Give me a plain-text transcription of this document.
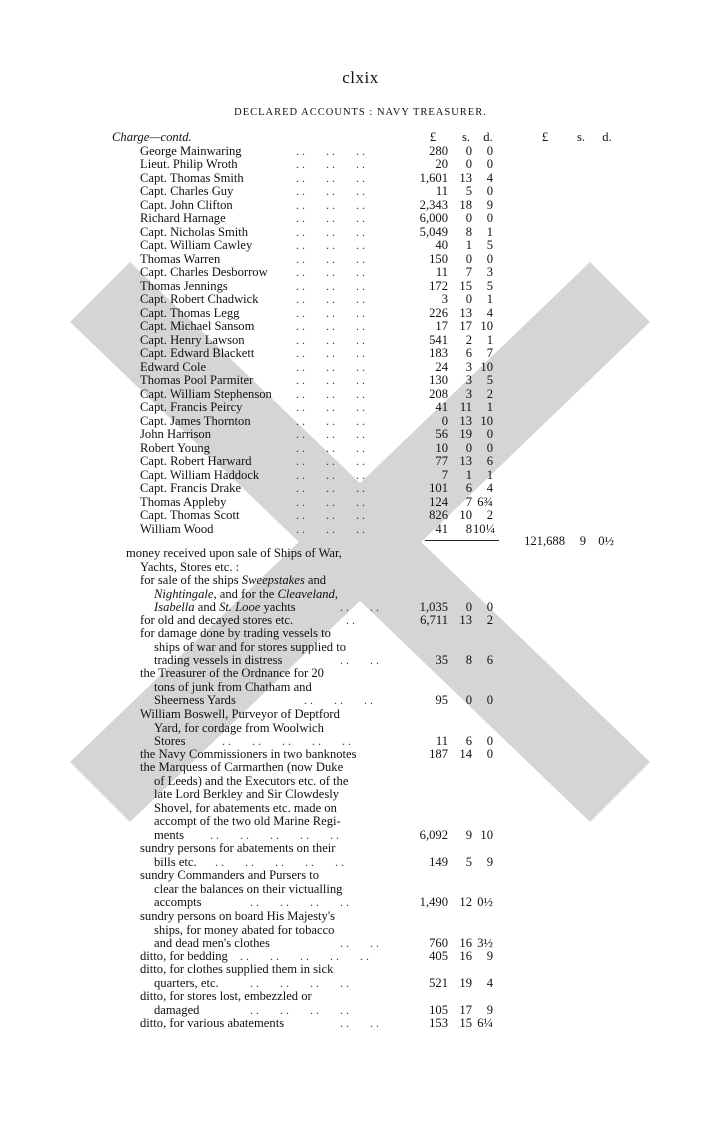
clxix
DECLARED ACCOUNTS : NAVY TREASURER.
Charge—contd.	£	s.	d.	£	s.	d.
George Mainwaring	. .       . .       . .	280	0	0
Lieut. Philip Wroth	. .       . .       . .	20	0	0
Capt. Thomas Smith	. .       . .       . .	1,601 13	4
Capt. Charles Guy	. .       . .       . .	11	5	0
Capt. John Clifton	. .       . .       . .	2,343 18	9
Richard Harnage	. .       . .       . .	6,000	0	0
Capt. Nicholas Smith	. .       . .       . .	5,049	8	1
Capt. William Cawley	. .       . .       . .	40	1	5
Thomas Warren	. .       . .       . .	150	0	0
Capt. Charles Desborrow . .       . .       . .	11	7	3
Thomas Jennings	. .       . .       . .	172 15	5
Capt. Robert Chadwick	. .       . .       . .	3	0	1
Capt. Thomas Legg	. .       . .       . .	226 13	4
Capt. Michael Sansom	. .       . .       . .	17 17 10
Capt. Henry Lawson	. .       . .       . .	541	2	1
Capt. Edward Blackett	. .       . .       . .	183	6	7
Edward Cole	. .       . .       . .	24	3 10
Thomas Pool Parmiter	. .       . .       . .	130	3	5
Capt. William Stephenson . .       . .       . .	208	3	2
Capt. Francis Peircy	. .       . .       . .	41 11	1
Capt. James Thornton	. .       . .       . .	0 13 10
John Harrison	. .       . .       . .	56 19	0
Robert Young	. .       . .       . .	10	0	0
Capt. Robert Harward	. .       . .       . .	77 13	6
Capt. William Haddock	. .       . .       . .	7	1	1
Capt. Francis Drake	. .       . .       . .	101	6	4
Thomas Appleby	. .       . .       . .	124	7 6¾
Capt. Thomas Scott	. .       . .       . .	826 10	2
William Wood	. .       . .       . .	41	8 10¼
121,688	9 0½
money received upon sale of Ships of War,
Yachts, Stores etc. :
for sale of the ships Sweepstakes and
Nightingale, and for the Cleaveland,
Isabella and St. Looe yachts	. .       . .	1,035	0	0
for old and decayed stores etc.	. .	6,711 13	2
for damage done by trading vessels to
ships of war and for stores supplied to
trading vessels in distress	. .       . .	35	8	6
the Treasurer of the Ordnance for 20
tons of junk from Chatham and
Sheerness Yards	. .       . .       . .	95	0	0
William Boswell, Purveyor of Deptford
Yard, for cordage from Woolwich
Stores	. .       . .       . .       . .       . .	11	6	0
the Navy Commissioners in two banknotes	187 14	0
the Marquess of Carmarthen (now Duke
of Leeds) and the Executors etc. of the
late Lord Berkley and Sir Clowdesly
Shovel, for abatements etc. made on
accompt of the two old Marine Regi-
ments . .       . .       . .       . .       . .	6,092	9 10
sundry persons for abatements on their
bills etc. . .       . .       . .       . .       . .	149	5	9
sundry Commanders and Pursers to
clear the balances on their victualling
accompts	. .       . .       . .       . .	1,490 12 0½
sundry persons on board His Majesty's
ships, for money abated for tobacco
and dead men's clothes	. .       . .	760 16 3½
ditto, for bedding . .       . .       . .       . .       . .	405 16	9
ditto, for clothes supplied them in sick
quarters, etc.	. .       . .       . .       . .	521 19	4
ditto, for stores lost, embezzled or
damaged	. .       . .       . .       . .	105 17	9
ditto, for various abatements	. .       . .	153 15 6¼
